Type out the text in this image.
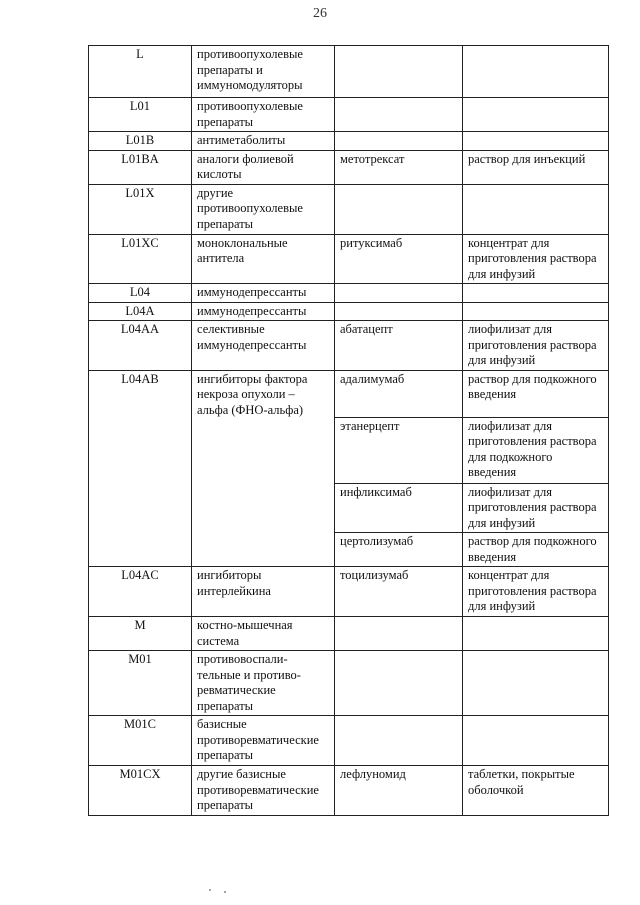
26
L	противоопухолевые препараты и иммуномодуляторы		
L01	противоопухолевые препараты		
L01B	антиметаболиты		
L01BA	аналоги фолиевой кислоты	метотрексат	раствор для инъекций
L01X	другие противоопухолевые препараты		
L01XC	моноклональные антитела	ритуксимаб	концентрат для приготовления раствора для инфузий
L04	иммунодепрессанты		
L04A	иммунодепрессанты		
L04AA	селективные иммунодепрессанты	абатацепт	лиофилизат для приготовления раствора для инфузий
L04AB	ингибиторы фактора некроза опухоли – альфа (ФНО-альфа)	адалимумаб	раствор для подкожного введения
		этанерцепт	лиофилизат для приготовления раствора для подкожного введения
		инфликсимаб	лиофилизат для приготовления раствора для инфузий
		цертолизумаб	раствор для подкожного введения
L04AC	ингибиторы интерлейкина	тоцилизумаб	концентрат для приготовления раствора для инфузий
M	костно-мышечная система		
M01	противовоспали- тельные и противо- ревматические препараты		
M01C	базисные противоревматические препараты		
M01CX	другие базисные противоревматические препараты	лефлуномид	таблетки, покрытые оболочкой
